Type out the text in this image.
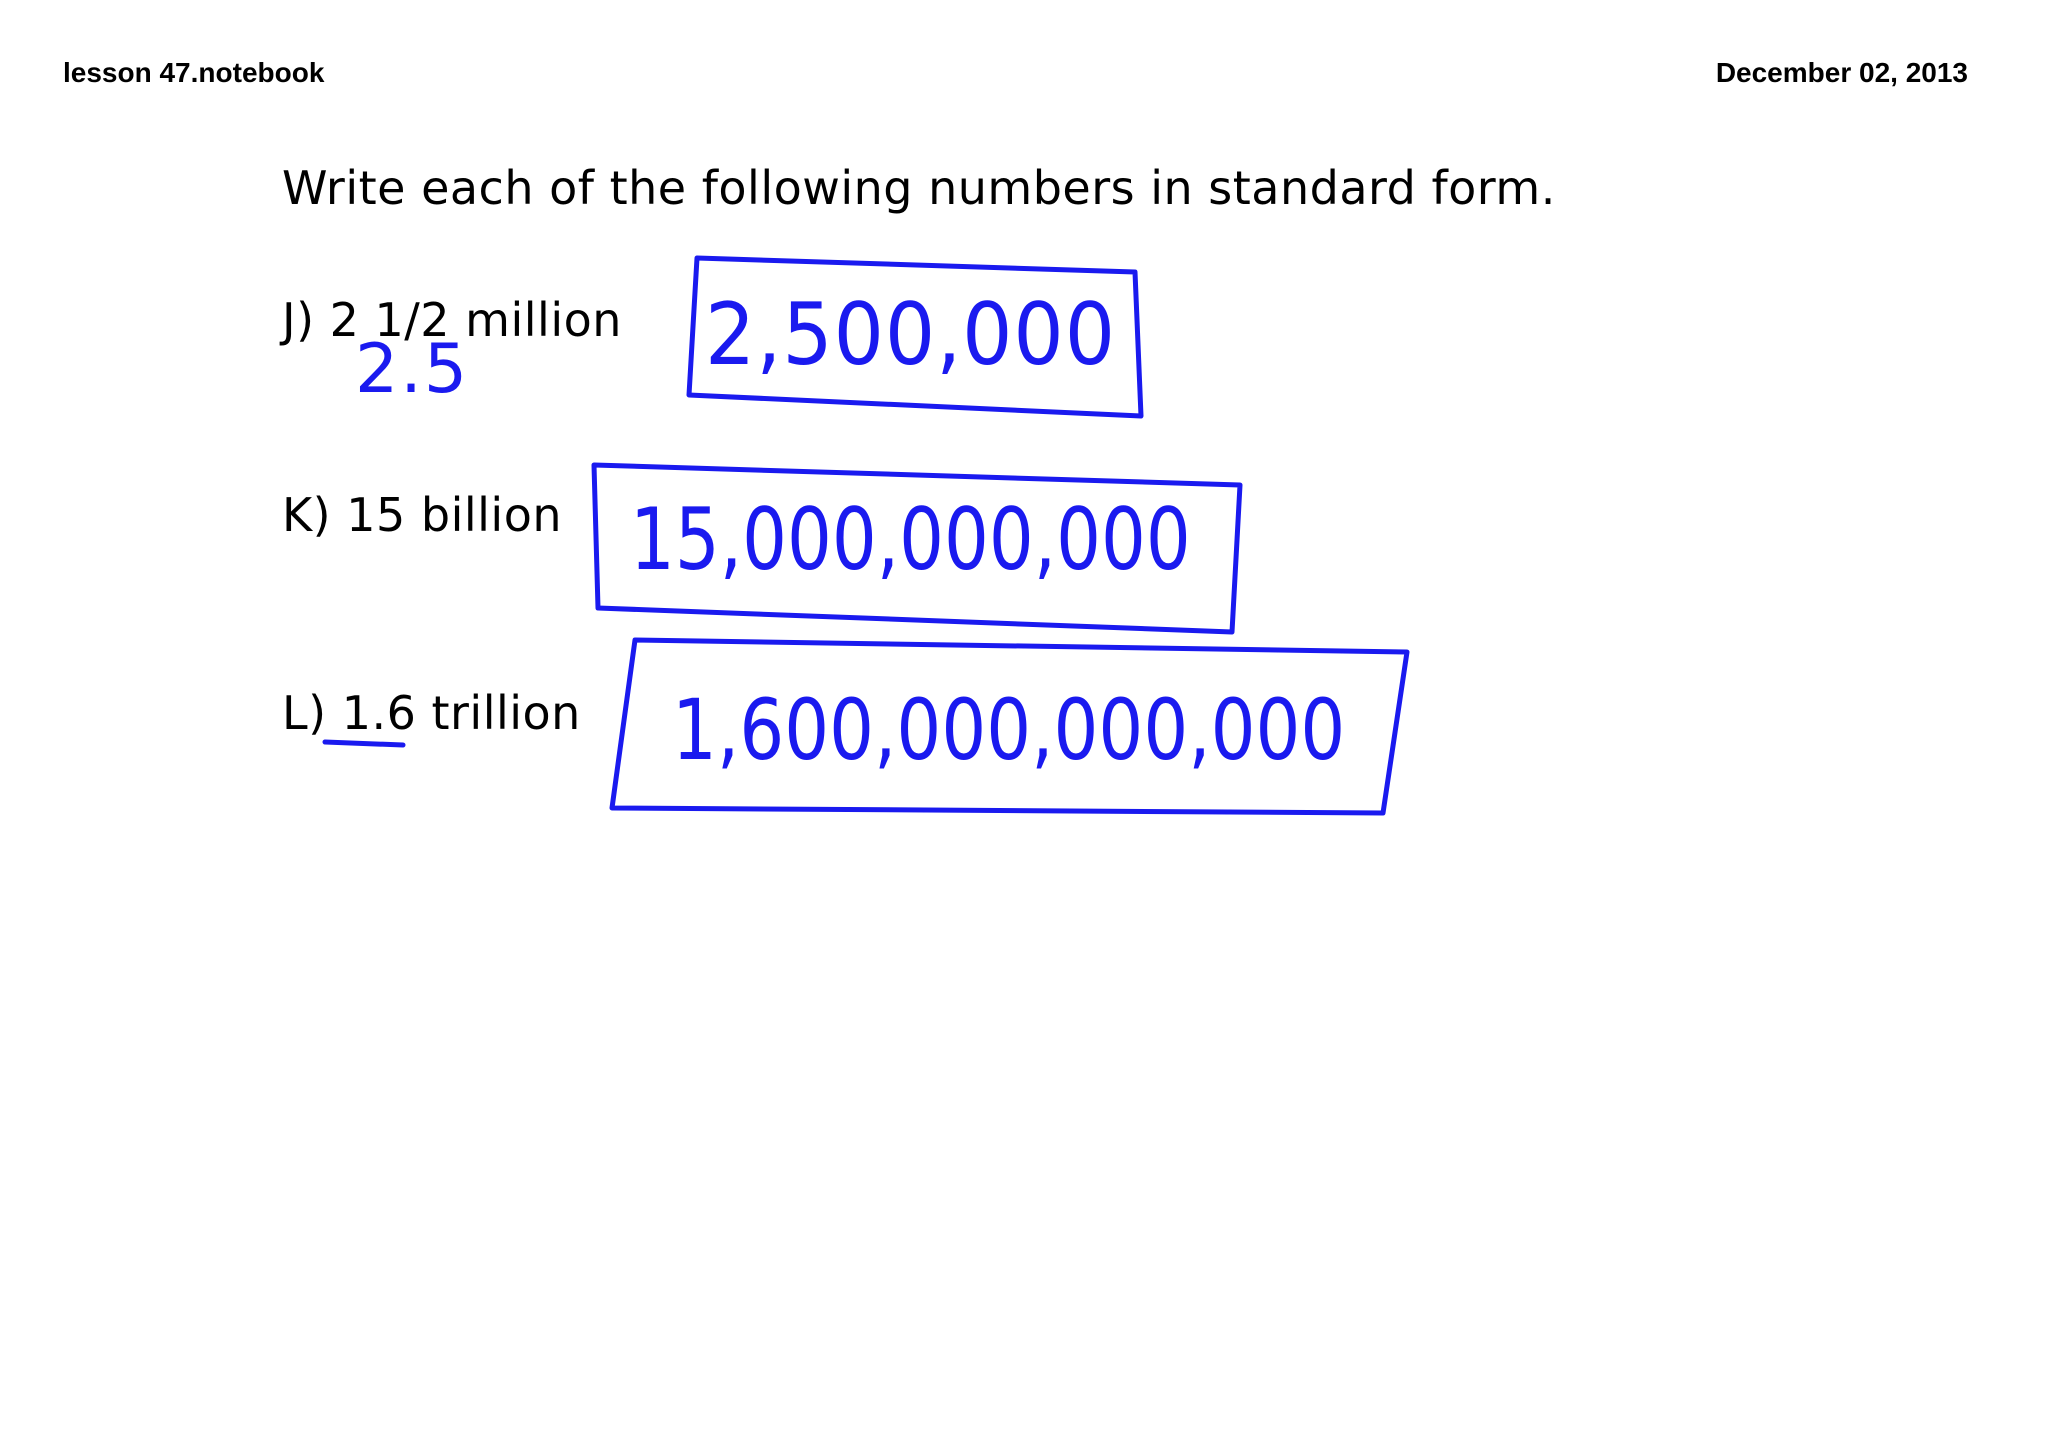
lesson 47.notebook	December 02, 2013
Write each of the following numbers in standard form.
J) 2 1/2 million
K) 15 billion
L) 1.6 trillion
2.5	2,500,000
15,000,000,000
1,600,000,000,000
